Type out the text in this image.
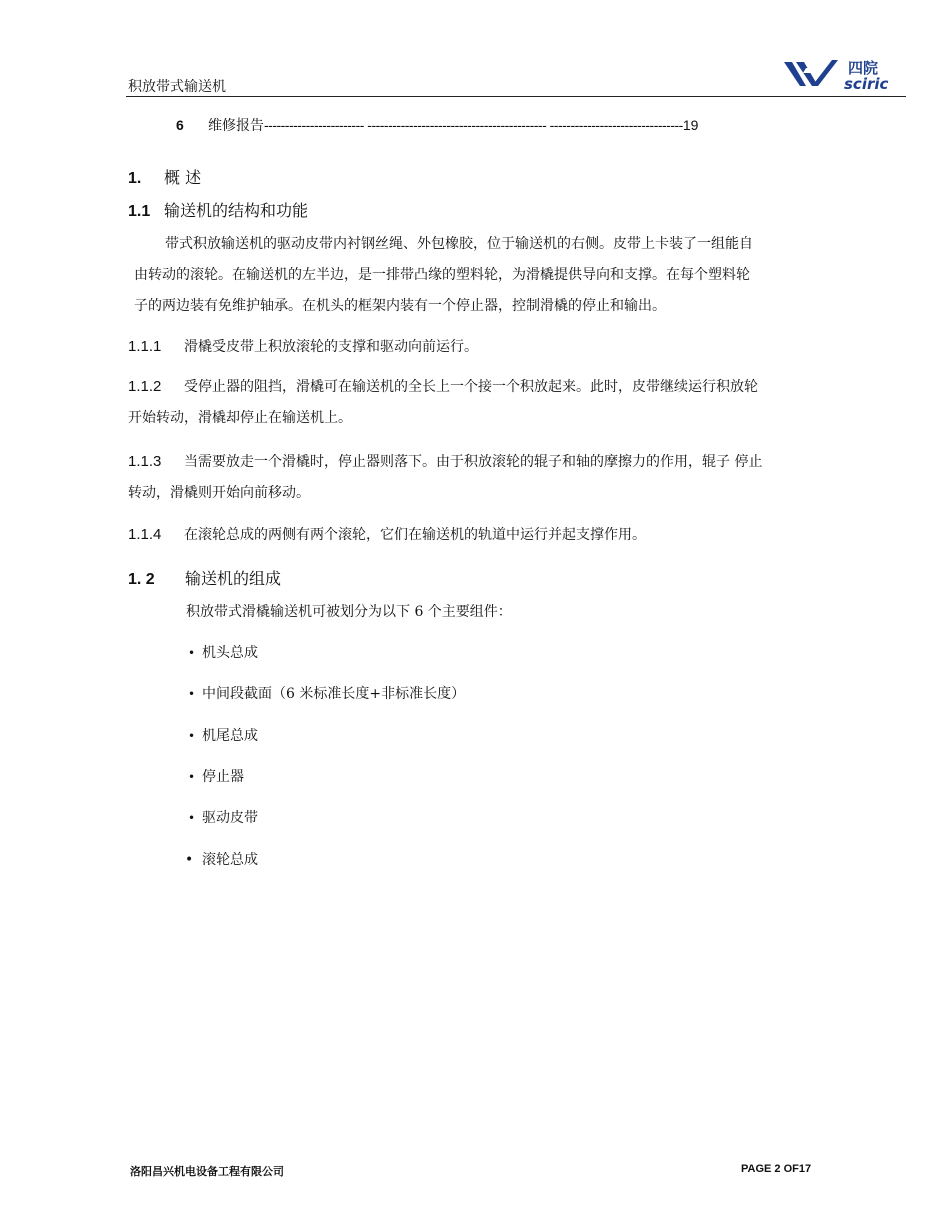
积放带式输送机
四院
sciric
6 维修报告------------------------ ------------------------------------------- --------------------------------19
1. 概 述
1.1 输送机的结构和功能
带式积放输送机的驱动皮带内衬钢丝绳、外包橡胶，位于输送机的右侧。皮带上卡装了一组能自
由转动的滚轮。在输送机的左半边，是一排带凸缘的塑料轮，为滑橇提供导向和支撑。在每个塑料轮
子的两边装有免维护轴承。在机头的框架内装有一个停止器，控制滑橇的停止和输出。
1.1.1 滑橇受皮带上积放滚轮的支撑和驱动向前运行。
1.1.2 受停止器的阻挡，滑橇可在输送机的全长上一个接一个积放起来。此时，皮带继续运行积放轮
开始转动，滑橇却停止在输送机上。
1.1.3 当需要放走一个滑橇时，停止器则落下。由于积放滚轮的辊子和轴的摩擦力的作用，辊子 停止
转动，滑橇则开始向前移动。
1.1.4 在滚轮总成的两侧有两个滚轮，它们在输送机的轨道中运行并起支撑作用。
1. 2 输送机的组成
积放带式滑橇输送机可被划分为以下 6 个主要组件：
• 机头总成
• 中间段截面（6 米标准长度+非标准长度）
• 机尾总成
• 停止器
• 驱动皮带
• 滚轮总成
洛阳昌兴机电设备工程有限公司	PAGE 2 OF17
